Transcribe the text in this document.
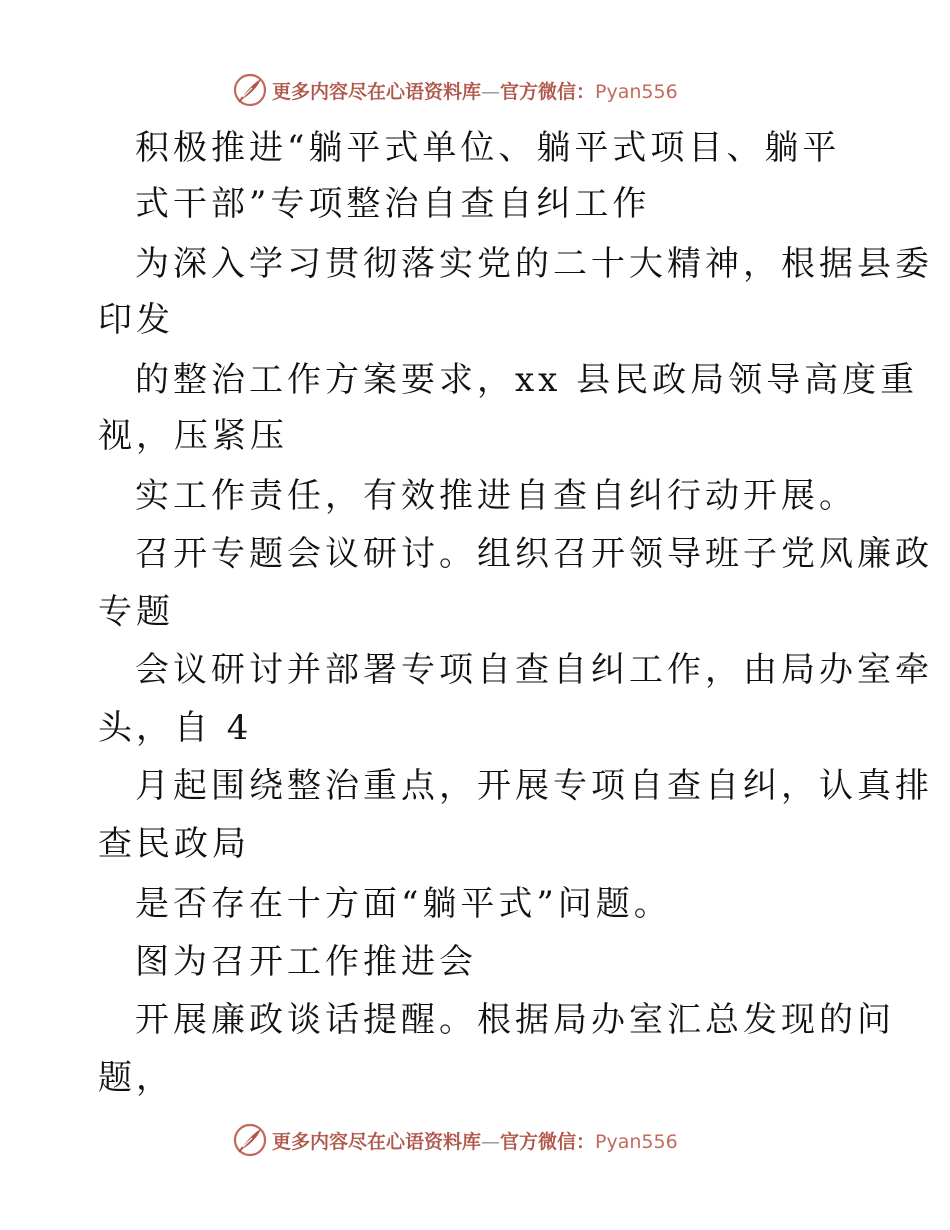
更多内容尽在心语资料库—官方微信：Pyan556
积极推进“躺平式单位、躺平式项目、躺平
式干部”专项整治自查自纠工作
为深入学习贯彻落实党的二十大精神，根据县委
印发
的整治工作方案要求，xx 县民政局领导高度重
视，压紧压
实工作责任，有效推进自查自纠行动开展。
召开专题会议研讨。组织召开领导班子党风廉政
专题
会议研讨并部署专项自查自纠工作，由局办室牵
头，自 4
月起围绕整治重点，开展专项自查自纠，认真排
查民政局
是否存在十方面“躺平式”问题。
图为召开工作推进会
开展廉政谈话提醒。根据局办室汇总发现的问
题，
更多内容尽在心语资料库—官方微信：Pyan556
